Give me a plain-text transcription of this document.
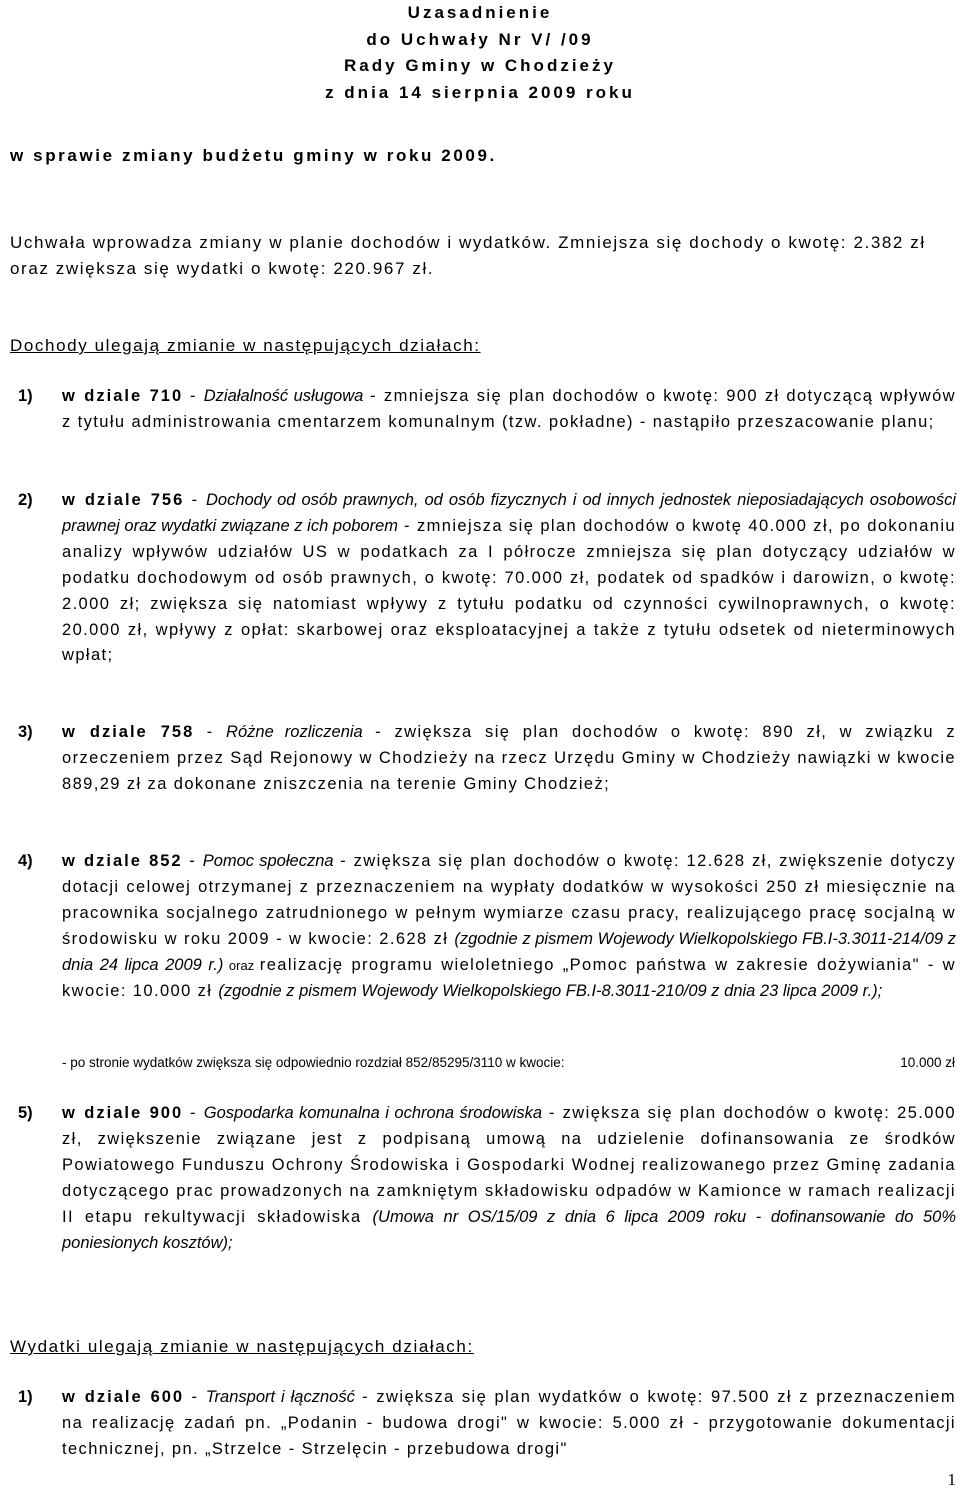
Uzasadnienie
do Uchwały Nr V/ /09
Rady Gminy w Chodzieży
z dnia 14 sierpnia 2009 roku
w sprawie zmiany budżetu gminy w roku 2009.
Uchwała wprowadza zmiany w planie dochodów i wydatków. Zmniejsza się dochody o kwotę: 2.382 zł oraz zwiększa się wydatki o kwotę: 220.967 zł.
Dochody ulegają zmianie w następujących działach:
1) w dziale 710 - Działalność usługowa - zmniejsza się plan dochodów o kwotę: 900 zł dotyczącą wpływów z tytułu administrowania cmentarzem komunalnym (tzw. pokładne) - nastąpiło przeszacowanie planu;
2) w dziale 756 - Dochody od osób prawnych, od osób fizycznych i od innych jednostek nieposiadających osobowości prawnej oraz wydatki związane z ich poborem - zmniejsza się plan dochodów o kwotę 40.000 zł, po dokonaniu analizy wpływów udziałów US w podatkach za I półrocze zmniejsza się plan dotyczący udziałów w podatku dochodowym od osób prawnych, o kwotę: 70.000 zł, podatek od spadków i darowizn, o kwotę: 2.000 zł; zwiększa się natomiast wpływy z tytułu podatku od czynności cywilnoprawnych, o kwotę: 20.000 zł, wpływy z opłat: skarbowej oraz eksploatacyjnej a także z tytułu odsetek od nieterminowych wpłat;
3) w dziale 758 - Różne rozliczenia - zwiększa się plan dochodów o kwotę: 890 zł, w związku z orzeczeniem przez Sąd Rejonowy w Chodzieży na rzecz Urzędu Gminy w Chodzieży nawiązki w kwocie 889,29 zł za dokonane zniszczenia na terenie Gminy Chodzież;
4) w dziale 852 - Pomoc społeczna - zwiększa się plan dochodów o kwotę: 12.628 zł, zwiększenie dotyczy dotacji celowej otrzymanej z przeznaczeniem na wypłaty dodatków w wysokości 250 zł miesięcznie na pracownika socjalnego zatrudnionego w pełnym wymiarze czasu pracy, realizującego pracę socjalną w środowisku w roku 2009 - w kwocie: 2.628 zł (zgodnie z pismem Wojewody Wielkopolskiego FB.I-3.3011-214/09 z dnia 24 lipca 2009 r.) oraz realizację programu wieloletniego „Pomoc państwa w zakresie dożywiania" - w kwocie: 10.000 zł (zgodnie z pismem Wojewody Wielkopolskiego FB.I-8.3011-210/09 z dnia 23 lipca 2009 r.);
- po stronie wydatków zwiększa się odpowiednio rozdział 852/85295/3110 w kwocie:	10.000 zł
5) w dziale 900 - Gospodarka komunalna i ochrona środowiska - zwiększa się plan dochodów o kwotę: 25.000 zł, zwiększenie związane jest z podpisaną umową na udzielenie dofinansowania ze środków Powiatowego Funduszu Ochrony Środowiska i Gospodarki Wodnej realizowanego przez Gminę zadania dotyczącego prac prowadzonych na zamkniętym składowisku odpadów w Kamionce w ramach realizacji II etapu rekultywacji składowiska (Umowa nr OS/15/09 z dnia 6 lipca 2009 roku - dofinansowanie do 50% poniesionych kosztów);
Wydatki ulegają zmianie w następujących działach:
1) w dziale 600 - Transport i łączność - zwiększa się plan wydatków o kwotę: 97.500 zł z przeznaczeniem na realizację zadań pn. „Podanin - budowa drogi" w kwocie: 5.000 zł - przygotowanie dokumentacji technicznej, pn. „Strzelce - Strzelęcin - przebudowa drogi"
1
